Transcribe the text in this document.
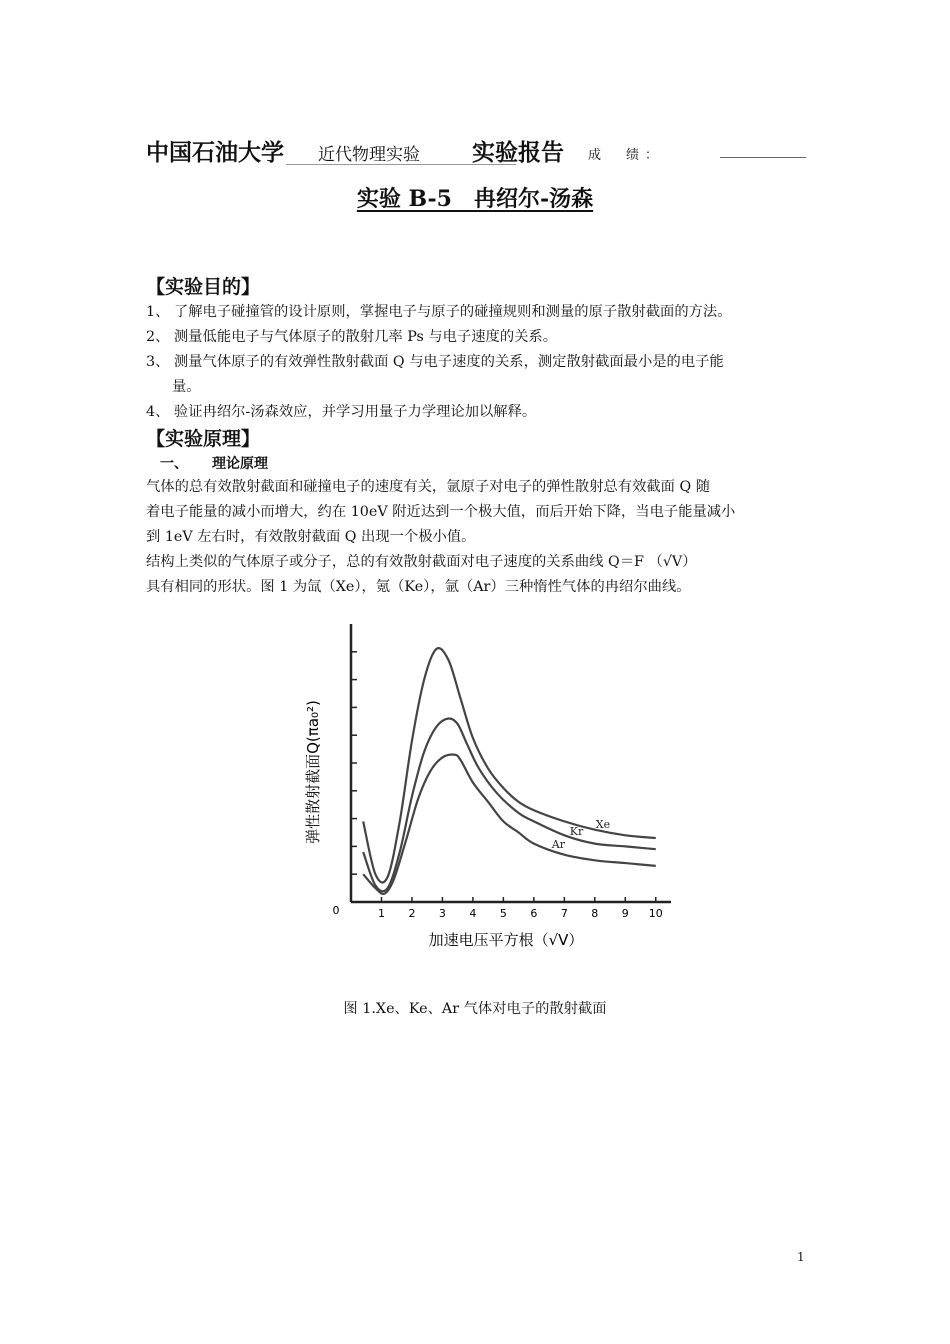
中国石油大学 近代物理实验 实验报告 成　绩：
实验 B-5　冉绍尔-汤森
【实验目的】
1、 了解电子碰撞管的设计原则，掌握电子与原子的碰撞规则和测量的原子散射截面的方法。
2、 测量低能电子与气体原子的散射几率 Ps 与电子速度的关系。
3、 测量气体原子的有效弹性散射截面 Q 与电子速度的关系，测定散射截面最小是的电子能
量。
4、 验证冉绍尔-汤森效应，并学习用量子力学理论加以解释。
【实验原理】
一、 理论原理
气体的总有效散射截面和碰撞电子的速度有关，氩原子对电子的弹性散射总有效截面 Q 随
着电子能量的减小而增大，约在 10eV 附近达到一个极大值，而后开始下降，当电子能量减小
到 1eV 左右时，有效散射截面 Q 出现一个极小值。
结构上类似的气体原子或分子，总的有效散射截面对电子速度的关系曲线 Q＝F （√V）
具有相同的形状。图 1 为氙（Xe），氪（Ke），氩（Ar）三种惰性气体的冉绍尔曲线。
1 2 3 4 5 6 7 8 9 10
Xe
Kr
Ar
0
加速电压平方根（√V）
弹性散射截面Q(πa₀²)
图 1.Xe、Ke、Ar 气体对电子的散射截面
1
